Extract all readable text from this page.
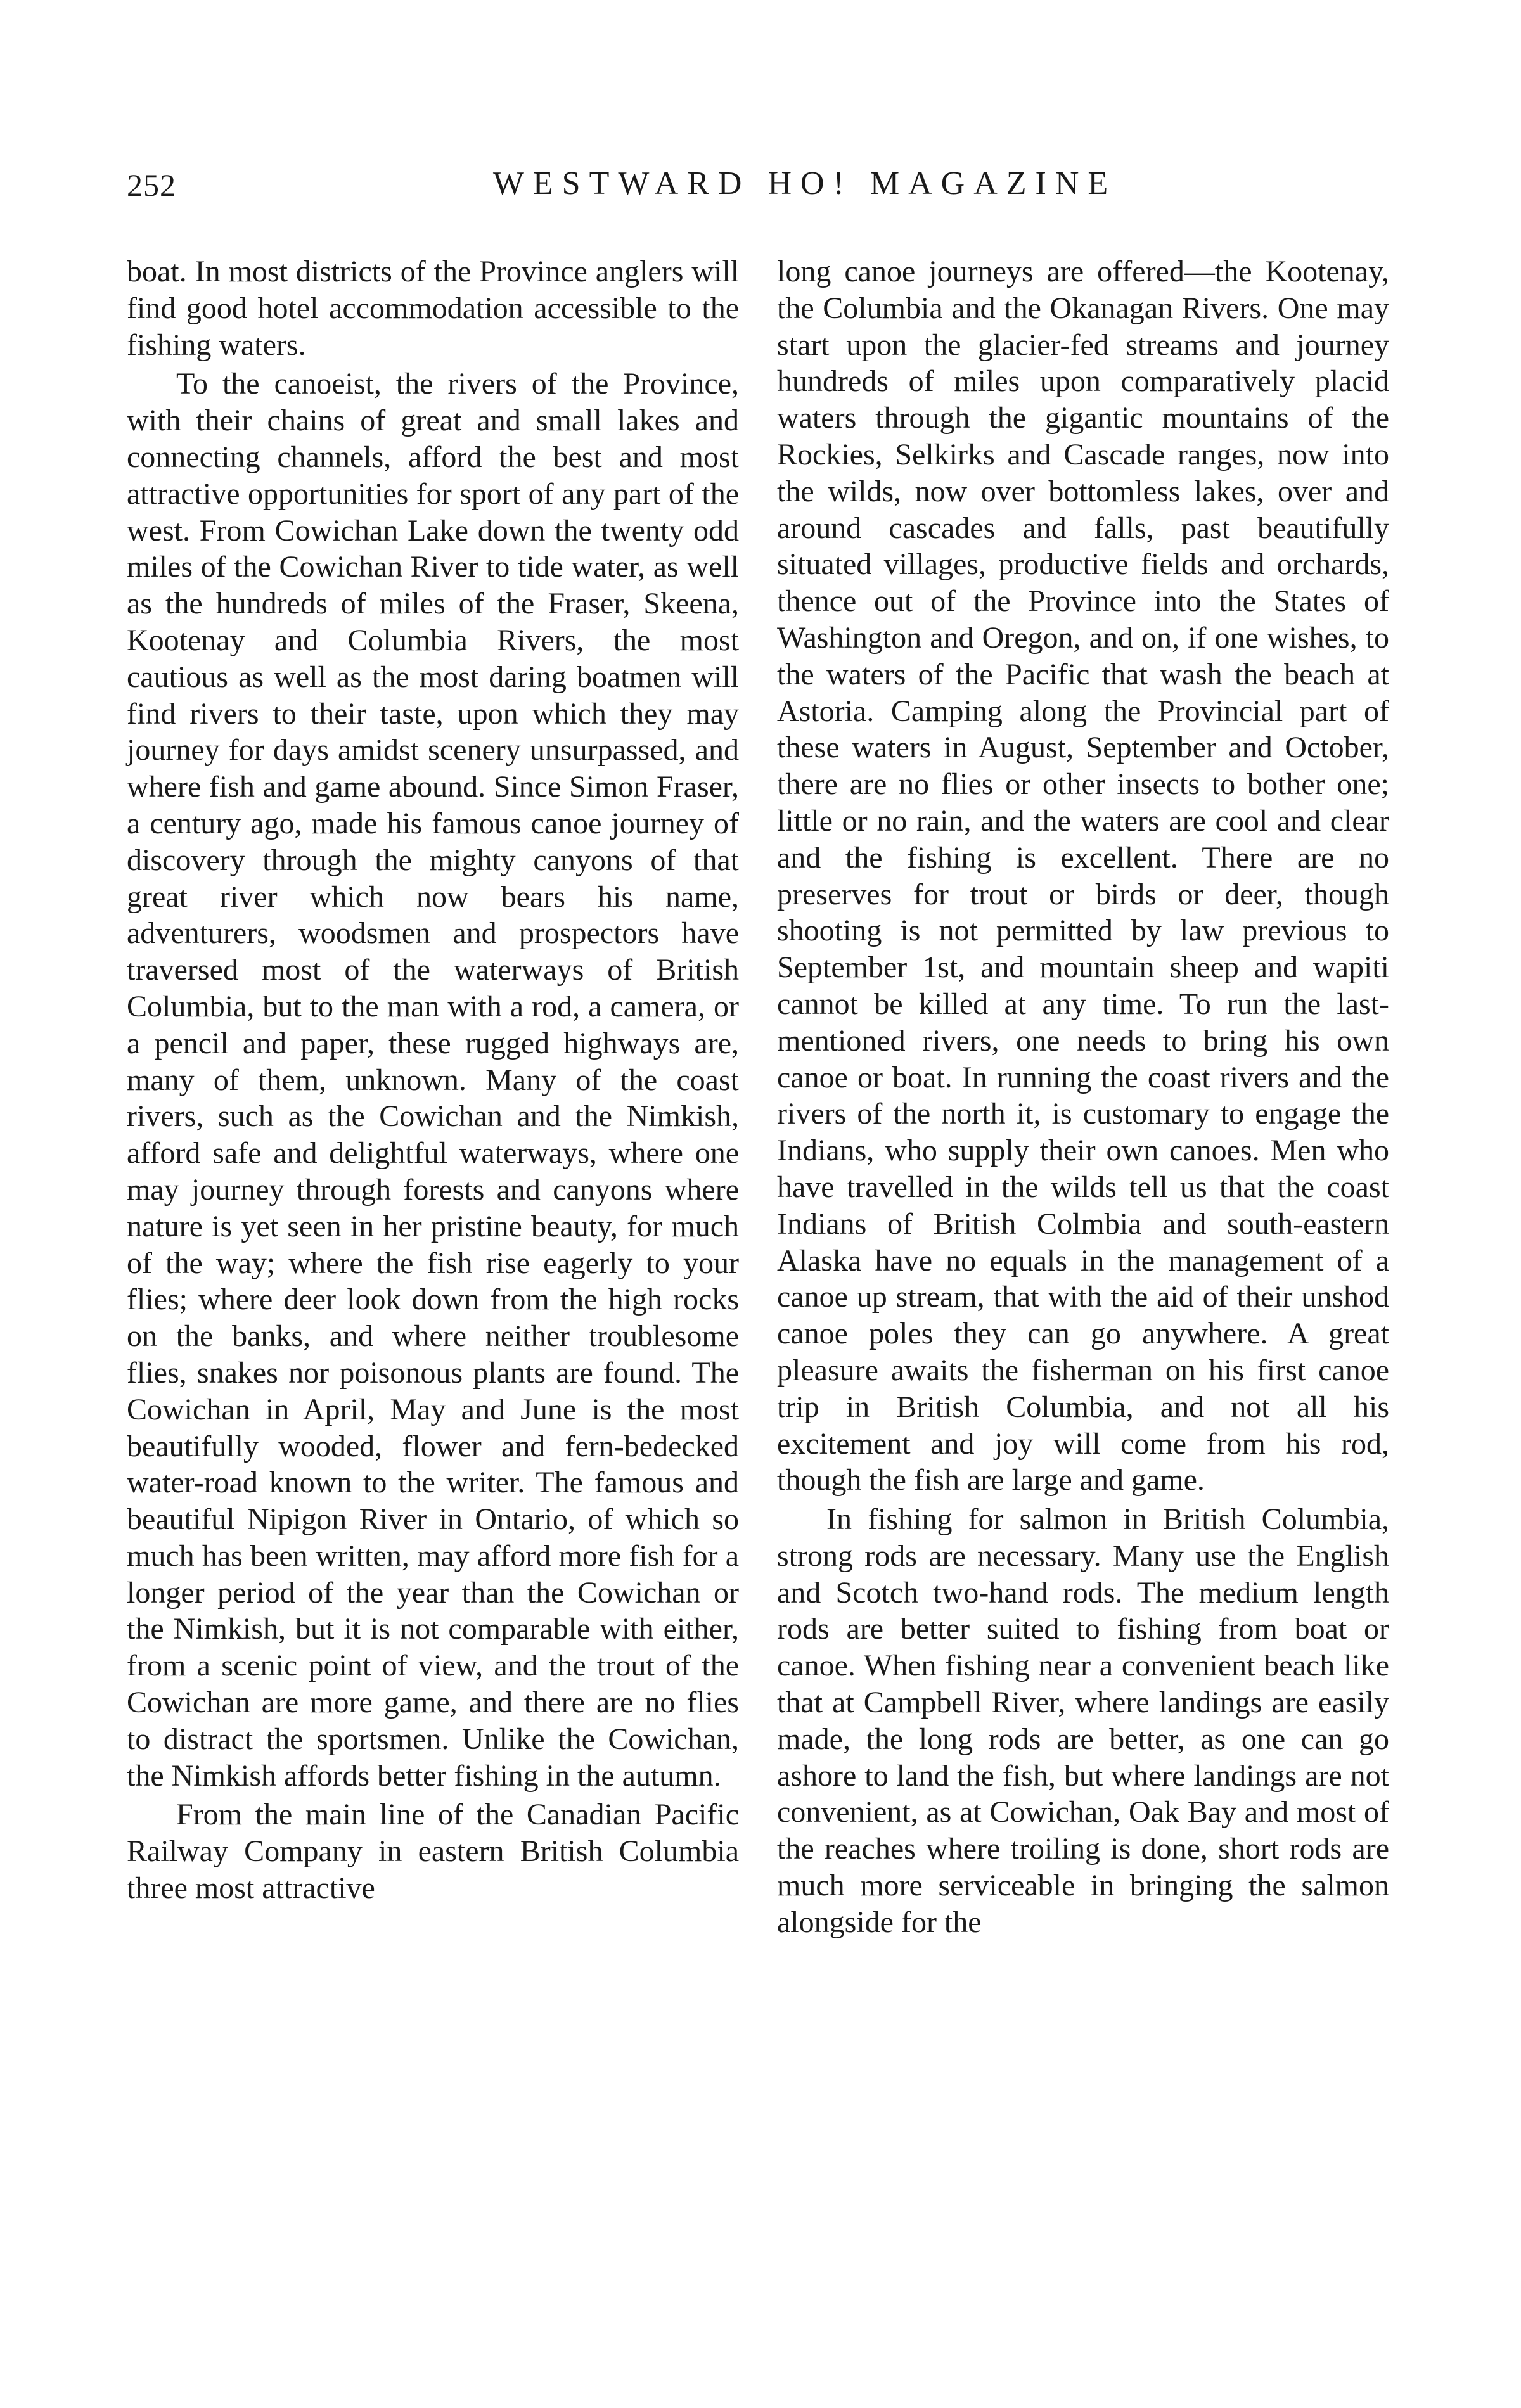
252	WESTWARD HO! MAGAZINE

boat. In most districts of the Province anglers will find good hotel accommodation accessible to the fishing waters.

To the canoeist, the rivers of the Province, with their chains of great and small lakes and connecting channels, afford the best and most attractive opportunities for sport of any part of the west. From Cowichan Lake down the twenty odd miles of the Cowichan River to tide water, as well as the hundreds of miles of the Fraser, Skeena, Kootenay and Columbia Rivers, the most cautious as well as the most daring boatmen will find rivers to their taste, upon which they may journey for days amidst scenery unsurpassed, and where fish and game abound. Since Simon Fraser, a century ago, made his famous canoe journey of discovery through the mighty canyons of that great river which now bears his name, adventurers, woodsmen and prospectors have traversed most of the waterways of British Columbia, but to the man with a rod, a camera, or a pencil and paper, these rugged highways are, many of them, unknown. Many of the coast rivers, such as the Cowichan and the Nimkish, afford safe and delightful waterways, where one may journey through forests and canyons where nature is yet seen in her pristine beauty, for much of the way; where the fish rise eagerly to your flies; where deer look down from the high rocks on the banks, and where neither troublesome flies, snakes nor poisonous plants are found. The Cowichan in April, May and June is the most beautifully wooded, flower and fern-bedecked water-road known to the writer. The famous and beautiful Nipigon River in Ontario, of which so much has been written, may afford more fish for a longer period of the year than the Cowichan or the Nimkish, but it is not comparable with either, from a scenic point of view, and the trout of the Cowichan are more game, and there are no flies to distract the sportsmen. Unlike the Cowichan, the Nimkish affords better fishing in the autumn.

From the main line of the Canadian Pacific Railway Company in eastern British Columbia three most attractive

long canoe journeys are offered—the Kootenay, the Columbia and the Okanagan Rivers. One may start upon the glacier-fed streams and journey hundreds of miles upon comparatively placid waters through the gigantic mountains of the Rockies, Selkirks and Cascade ranges, now into the wilds, now over bottomless lakes, over and around cascades and falls, past beautifully situated villages, productive fields and orchards, thence out of the Province into the States of Washington and Oregon, and on, if one wishes, to the waters of the Pacific that wash the beach at Astoria. Camping along the Provincial part of these waters in August, September and October, there are no flies or other insects to bother one; little or no rain, and the waters are cool and clear and the fishing is excellent. There are no preserves for trout or birds or deer, though shooting is not permitted by law previous to September 1st, and mountain sheep and wapiti cannot be killed at any time. To run the last-mentioned rivers, one needs to bring his own canoe or boat. In running the coast rivers and the rivers of the north it, is customary to engage the Indians, who supply their own canoes. Men who have travelled in the wilds tell us that the coast Indians of British Colmbia and south-eastern Alaska have no equals in the management of a canoe up stream, that with the aid of their unshod canoe poles they can go anywhere. A great pleasure awaits the fisherman on his first canoe trip in British Columbia, and not all his excitement and joy will come from his rod, though the fish are large and game.

In fishing for salmon in British Columbia, strong rods are necessary. Many use the English and Scotch two-hand rods. The medium length rods are better suited to fishing from boat or canoe. When fishing near a convenient beach like that at Campbell River, where landings are easily made, the long rods are better, as one can go ashore to land the fish, but where landings are not convenient, as at Cowichan, Oak Bay and most of the reaches where troiling is done, short rods are much more serviceable in bringing the salmon alongside for the
